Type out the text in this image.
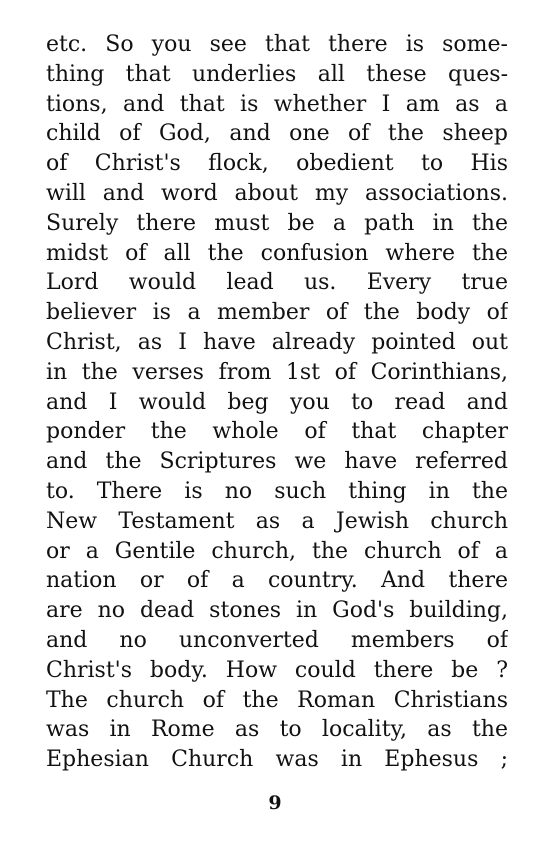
etc. So you see that there is some-
thing that underlies all these ques-
tions, and that is whether I am as a
child of God, and one of the sheep
of Christ's flock, obedient to His
will and word about my associations.
Surely there must be a path in the
midst of all the confusion where the
Lord would lead us. Every true
believer is a member of the body of
Christ, as I have already pointed out
in the verses from 1st of Corinthians,
and I would beg you to read and
ponder the whole of that chapter
and the Scriptures we have referred
to. There is no such thing in the
New Testament as a Jewish church
or a Gentile church, the church of a
nation or of a country. And there
are no dead stones in God's building,
and no unconverted members of
Christ's body. How could there be ?
The church of the Roman Christians
was in Rome as to locality, as the
Ephesian Church was in Ephesus ;
9
